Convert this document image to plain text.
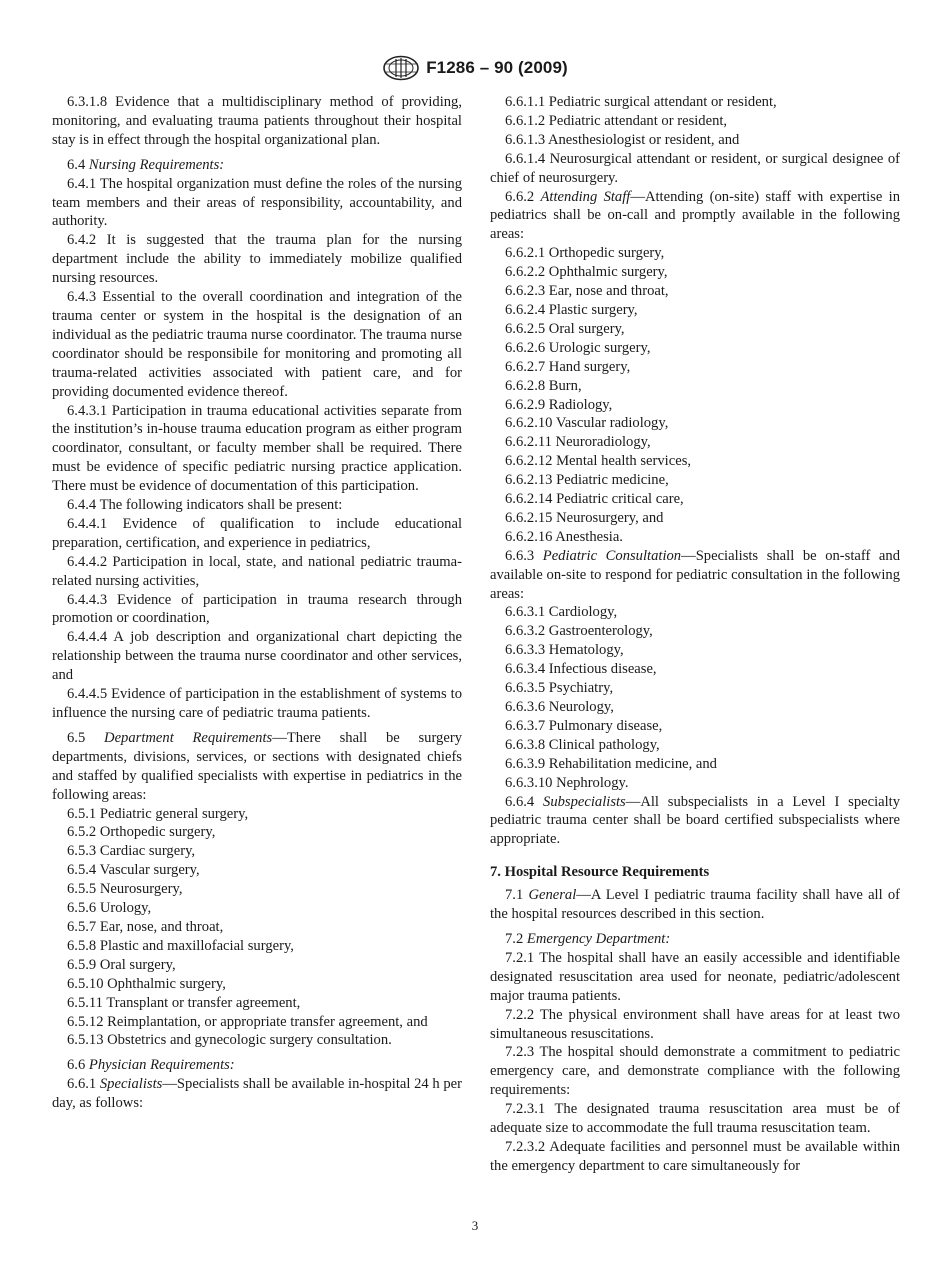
F1286 – 90 (2009)

6.3.1.8 Evidence that a multidisciplinary method of providing, monitoring, and evaluating trauma patients throughout their hospital stay is in effect through the hospital organizational plan.

6.4 Nursing Requirements:

6.4.1 The hospital organization must define the roles of the nursing team members and their areas of responsibility, accountability, and authority.

6.4.2 It is suggested that the trauma plan for the nursing department include the ability to immediately mobilize qualified nursing resources.

6.4.3 Essential to the overall coordination and integration of the trauma center or system in the hospital is the designation of an individual as the pediatric trauma nurse coordinator. The trauma nurse coordinator should be responsibile for monitoring and promoting all trauma-related activities associated with patient care, and for providing documented evidence thereof.

6.4.3.1 Participation in trauma educational activities separate from the institution’s in-house trauma education program as either program coordinator, consultant, or faculty member shall be required. There must be evidence of specific pediatric nursing practice application. There must be evidence of documentation of this participation.

6.4.4 The following indicators shall be present:

6.4.4.1 Evidence of qualification to include educational preparation, certification, and experience in pediatrics,

6.4.4.2 Participation in local, state, and national pediatric trauma-related nursing activities,

6.4.4.3 Evidence of participation in trauma research through promotion or coordination,

6.4.4.4 A job description and organizational chart depicting the relationship between the trauma nurse coordinator and other services, and

6.4.4.5 Evidence of participation in the establishment of systems to influence the nursing care of pediatric trauma patients.

6.5 Department Requirements—There shall be surgery departments, divisions, services, or sections with designated chiefs and staffed by qualified specialists with expertise in pediatrics in the following areas:

6.5.1 Pediatric general surgery,
6.5.2 Orthopedic surgery,
6.5.3 Cardiac surgery,
6.5.4 Vascular surgery,
6.5.5 Neurosurgery,
6.5.6 Urology,
6.5.7 Ear, nose, and throat,
6.5.8 Plastic and maxillofacial surgery,
6.5.9 Oral surgery,
6.5.10 Ophthalmic surgery,
6.5.11 Transplant or transfer agreement,

6.5.12 Reimplantation, or appropriate transfer agreement, and

6.5.13 Obstetrics and gynecologic surgery consultation.

6.6 Physician Requirements:

6.6.1 Specialists—Specialists shall be available in-hospital 24 h per day, as follows:

6.6.1.1 Pediatric surgical attendant or resident,
6.6.1.2 Pediatric attendant or resident,
6.6.1.3 Anesthesiologist or resident, and

6.6.1.4 Neurosurgical attendant or resident, or surgical designee of chief of neurosurgery.

6.6.2 Attending Staff—Attending (on-site) staff with expertise in pediatrics shall be on-call and promptly available in the following areas:

6.6.2.1 Orthopedic surgery,
6.6.2.2 Ophthalmic surgery,
6.6.2.3 Ear, nose and throat,
6.6.2.4 Plastic surgery,
6.6.2.5 Oral surgery,
6.6.2.6 Urologic surgery,
6.6.2.7 Hand surgery,
6.6.2.8 Burn,
6.6.2.9 Radiology,
6.6.2.10 Vascular radiology,
6.6.2.11 Neuroradiology,
6.6.2.12 Mental health services,
6.6.2.13 Pediatric medicine,
6.6.2.14 Pediatric critical care,
6.6.2.15 Neurosurgery, and
6.6.2.16 Anesthesia.

6.6.3 Pediatric Consultation—Specialists shall be on-staff and available on-site to respond for pediatric consultation in the following areas:

6.6.3.1 Cardiology,
6.6.3.2 Gastroenterology,
6.6.3.3 Hematology,
6.6.3.4 Infectious disease,
6.6.3.5 Psychiatry,
6.6.3.6 Neurology,
6.6.3.7 Pulmonary disease,
6.6.3.8 Clinical pathology,
6.6.3.9 Rehabilitation medicine, and
6.6.3.10 Nephrology.

6.6.4 Subspecialists—All subspecialists in a Level I specialty pediatric trauma center shall be board certified subspecialists where appropriate.

7. Hospital Resource Requirements

7.1 General—A Level I pediatric trauma facility shall have all of the hospital resources described in this section.

7.2 Emergency Department:

7.2.1 The hospital shall have an easily accessible and identifiable designated resuscitation area used for neonate, pediatric/adolescent major trauma patients.

7.2.2 The physical environment shall have areas for at least two simultaneous resuscitations.

7.2.3 The hospital should demonstrate a commitment to pediatric emergency care, and demonstrate compliance with the following requirements:

7.2.3.1 The designated trauma resuscitation area must be of adequate size to accommodate the full trauma resuscitation team.

7.2.3.2 Adequate facilities and personnel must be available within the emergency department to care simultaneously for

3
